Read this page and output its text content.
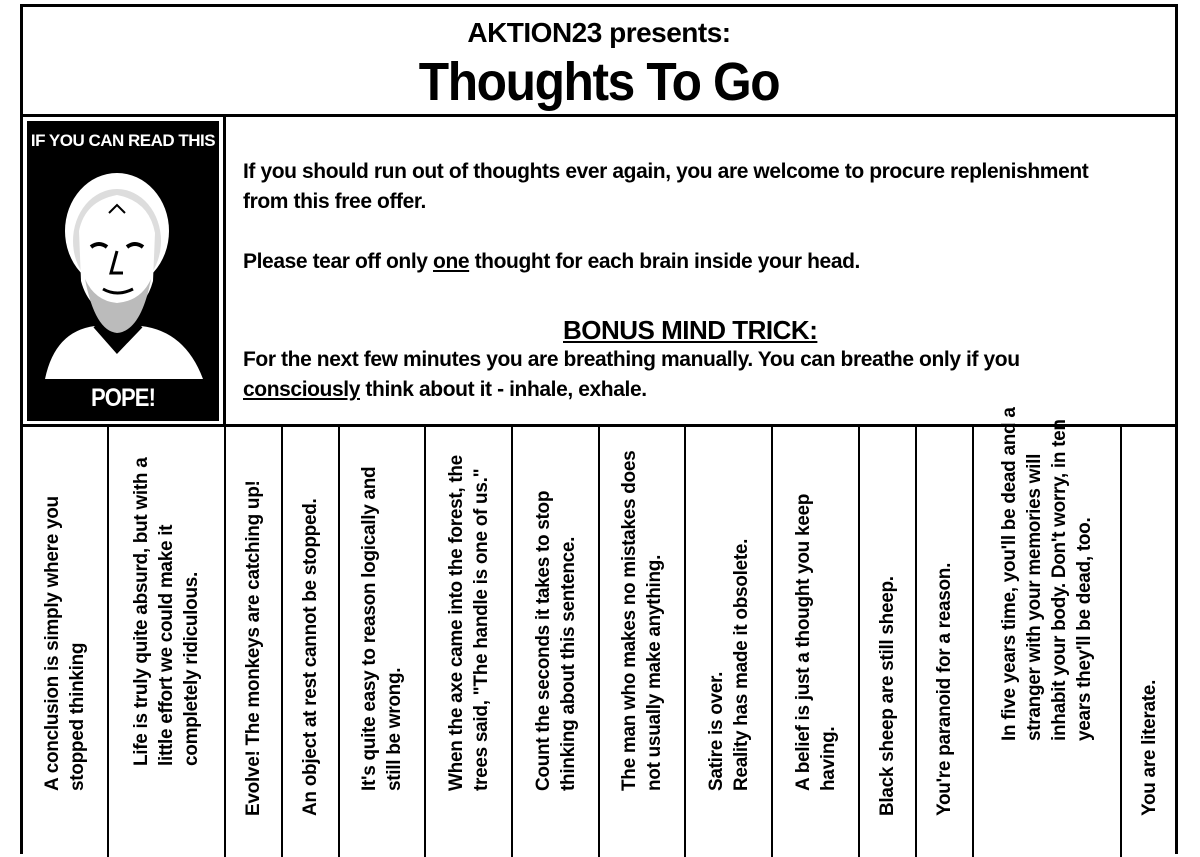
AKTION23 presents:
Thoughts To Go
IF YOU CAN READ THIS
YOU ARE A POPE!
If you should run out of thoughts ever again, you are welcome to procure replenishment
from this free offer.
Please tear off only one thought for each brain inside your head.
BONUS MIND TRICK:
For the next few minutes you are breathing manually. You can breathe only if you
consciously think about it - inhale, exhale.
A conclusion is simply where you stopped thinking Life is truly quite absurd, but with a little effort we could make it completely ridiculous. Evolve! The monkeys are catching up! An object at rest cannot be stopped. It's quite easy to reason logically and still be wrong. When the axe came into the forest, the trees said, "The handle is one of us." Count the seconds it takes to stop thinking about this sentence. The man who makes no mistakes does not usually make anything. Satire is over. Reality has made it obsolete. A belief is just a thought you keep having. Black sheep are still sheep. You're paranoid for a reason. In five years time, you'll be dead and a stranger with your memories will inhabit your body. Don't worry, in ten years they'll be dead, too.
You are literate.
